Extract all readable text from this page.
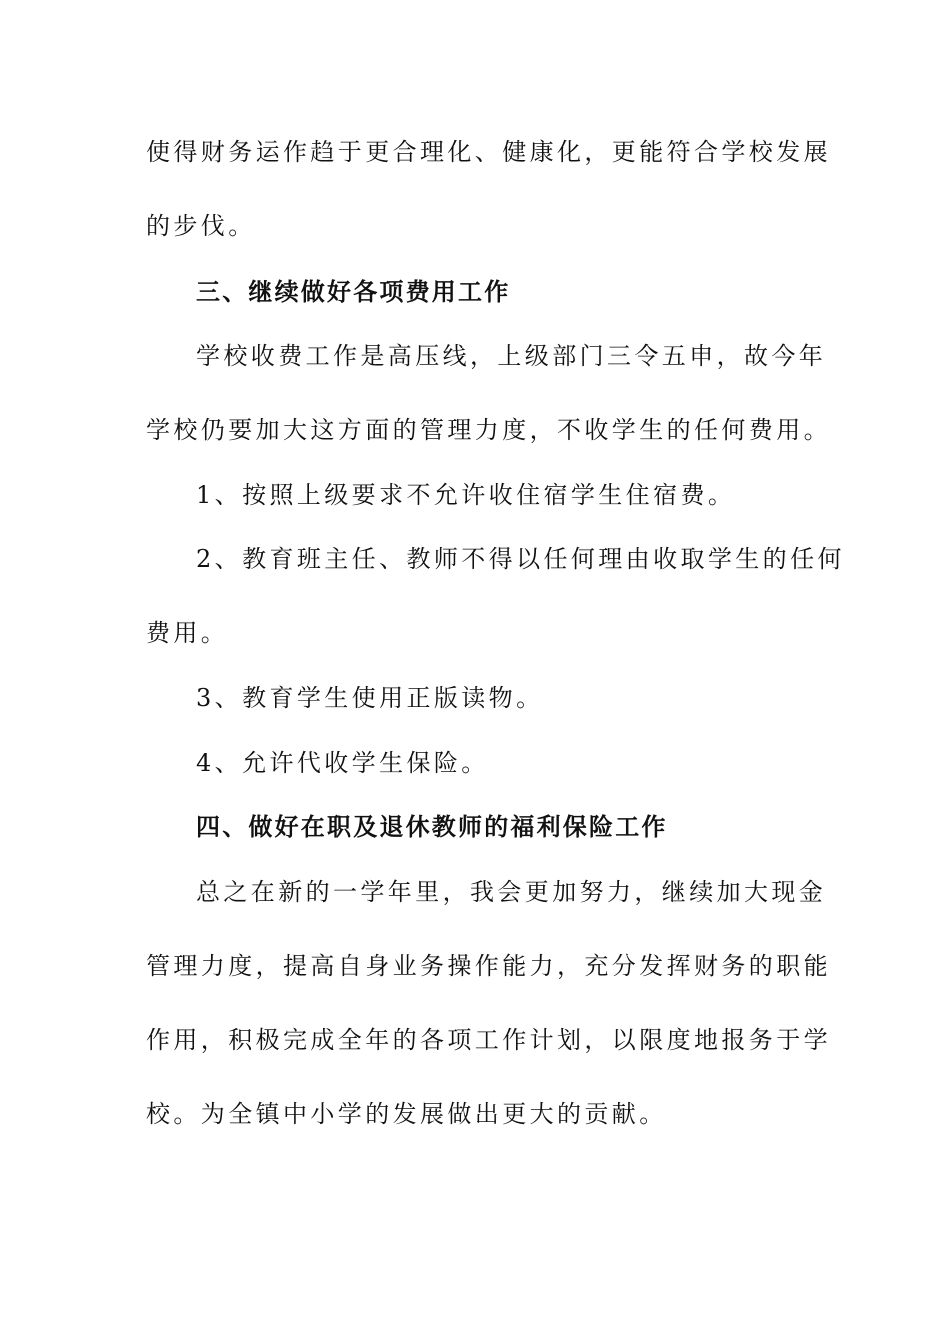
使得财务运作趋于更合理化、健康化，更能符合学校发展
的步伐。
三、继续做好各项费用工作
学校收费工作是高压线，上级部门三令五申，故今年
学校仍要加大这方面的管理力度，不收学生的任何费用。
1、按照上级要求不允许收住宿学生住宿费。
2、教育班主任、教师不得以任何理由收取学生的任何
费用。
3、教育学生使用正版读物。
4、允许代收学生保险。
四、做好在职及退休教师的福利保险工作
总之在新的一学年里，我会更加努力，继续加大现金
管理力度，提高自身业务操作能力，充分发挥财务的职能
作用，积极完成全年的各项工作计划，以限度地报务于学
校。为全镇中小学的发展做出更大的贡献。
